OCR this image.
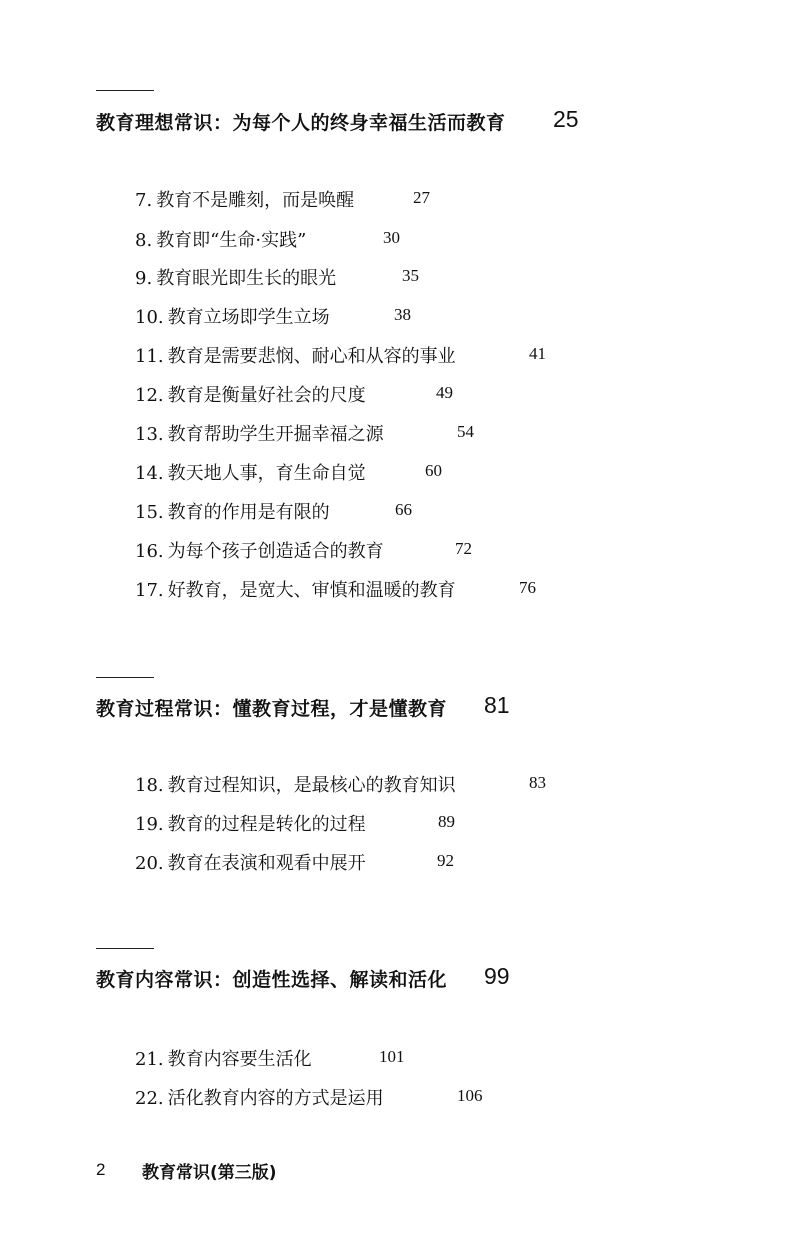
教育理想常识：为每个人的终身幸福生活而教育 25
7. 教育不是雕刻，而是唤醒	27
8. 教育即“生命·实践”	30
9. 教育眼光即生长的眼光	35
10. 教育立场即学生立场	38
11. 教育是需要悲悯、耐心和从容的事业	41
12. 教育是衡量好社会的尺度	49
13. 教育帮助学生开掘幸福之源	54
14. 教天地人事，育生命自觉	60
15. 教育的作用是有限的	66
16. 为每个孩子创造适合的教育	72
17. 好教育，是宽大、审慎和温暖的教育	76
教育过程常识：懂教育过程，才是懂教育 81
18. 教育过程知识，是最核心的教育知识	83
19. 教育的过程是转化的过程	89
20. 教育在表演和观看中展开	92
教育内容常识：创造性选择、解读和活化 99
21. 教育内容要生活化	101
22. 活化教育内容的方式是运用	106
2 教育常识(第三版)
